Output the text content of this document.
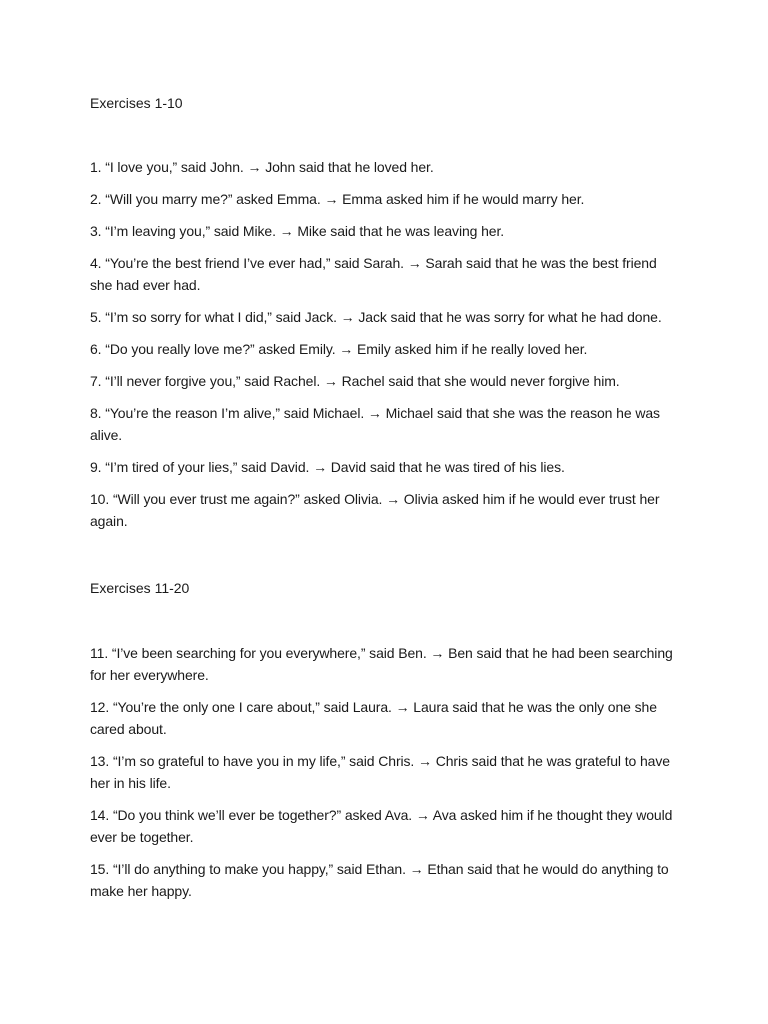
Exercises 1-10

1. “I love you,” said John. → John said that he loved her.
2. “Will you marry me?” asked Emma. → Emma asked him if he would marry her.
3. “I’m leaving you,” said Mike. → Mike said that he was leaving her.
4. “You’re the best friend I’ve ever had,” said Sarah. → Sarah said that he was the best friend she had ever had.
5. “I’m so sorry for what I did,” said Jack. → Jack said that he was sorry for what he had done.
6. “Do you really love me?” asked Emily. → Emily asked him if he really loved her.
7. “I’ll never forgive you,” said Rachel. → Rachel said that she would never forgive him.
8. “You’re the reason I’m alive,” said Michael. → Michael said that she was the reason he was alive.
9. “I’m tired of your lies,” said David. → David said that he was tired of his lies.
10. “Will you ever trust me again?” asked Olivia. → Olivia asked him if he would ever trust her again.

Exercises 11-20

11. “I’ve been searching for you everywhere,” said Ben. → Ben said that he had been searching for her everywhere.
12. “You’re the only one I care about,” said Laura. → Laura said that he was the only one she cared about.
13. “I’m so grateful to have you in my life,” said Chris. → Chris said that he was grateful to have her in his life.
14. “Do you think we’ll ever be together?” asked Ava. → Ava asked him if he thought they would ever be together.
15. “I’ll do anything to make you happy,” said Ethan. → Ethan said that he would do anything to make her happy.
